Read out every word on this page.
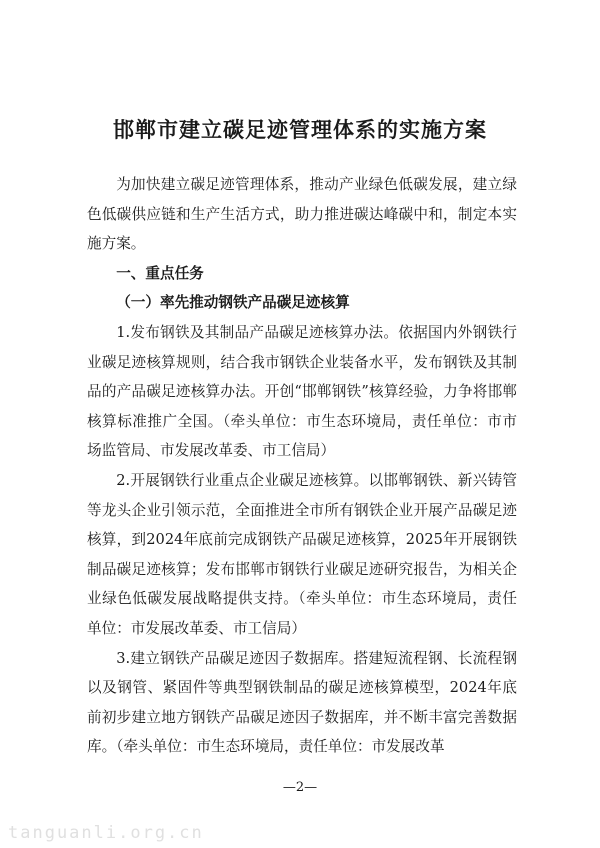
邯郸市建立碳足迹管理体系的实施方案

为加快建立碳足迹管理体系，推动产业绿色低碳发展，建立绿色低碳供应链和生产生活方式，助力推进碳达峰碳中和，制定本实施方案。

一、重点任务

（一）率先推动钢铁产品碳足迹核算

1.发布钢铁及其制品产品碳足迹核算办法。依据国内外钢铁行业碳足迹核算规则，结合我市钢铁企业装备水平，发布钢铁及其制品的产品碳足迹核算办法。开创“邯郸钢铁”核算经验，力争将邯郸核算标准推广全国。（牵头单位：市生态环境局，责任单位：市市场监管局、市发展改革委、市工信局）

2.开展钢铁行业重点企业碳足迹核算。以邯郸钢铁、新兴铸管等龙头企业引领示范，全面推进全市所有钢铁企业开展产品碳足迹核算，到2024年底前完成钢铁产品碳足迹核算，2025年开展钢铁制品碳足迹核算；发布邯郸市钢铁行业碳足迹研究报告，为相关企业绿色低碳发展战略提供支持。（牵头单位：市生态环境局，责任单位：市发展改革委、市工信局）

3.建立钢铁产品碳足迹因子数据库。搭建短流程钢、长流程钢以及钢管、紧固件等典型钢铁制品的碳足迹核算模型，2024年底前初步建立地方钢铁产品碳足迹因子数据库，并不断丰富完善数据库。（牵头单位：市生态环境局，责任单位：市发展改革

—2—
tanguanli.org.cn
